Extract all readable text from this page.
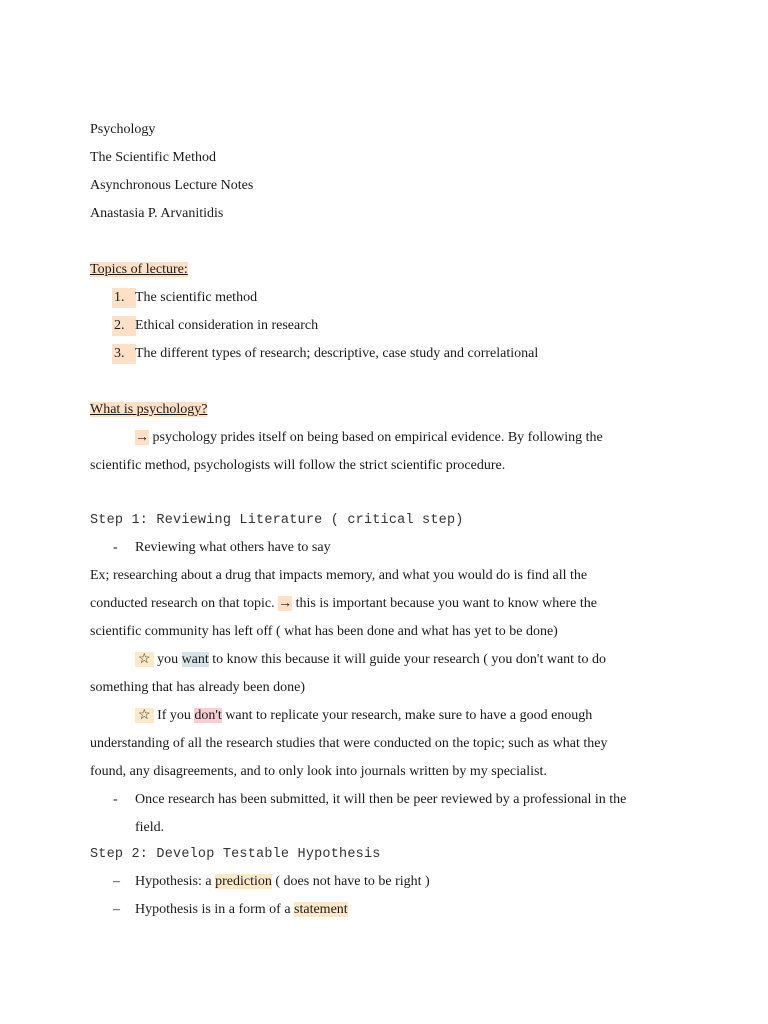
Psychology
The Scientific Method
Asynchronous Lecture Notes
Anastasia P. Arvanitidis
Topics of lecture:
1. The scientific method
2. Ethical consideration in research
3. The different types of research; descriptive, case study and correlational
What is psychology?
→ psychology prides itself on being based on empirical evidence. By following the
scientific method, psychologists will follow the strict scientific procedure.
Step 1: Reviewing Literature ( critical step)
- Reviewing what others have to say
Ex; researching about a drug that impacts memory, and what you would do is find all the
conducted research on that topic. → this is important because you want to know where the
scientific community has left off ( what has been done and what has yet to be done)
☆ you want to know this because it will guide your research ( you don't want to do
something that has already been done)
☆ If you don't want to replicate your research, make sure to have a good enough
understanding of all the research studies that were conducted on the topic; such as what they
found, any disagreements, and to only look into journals written by my specialist.
- Once research has been submitted, it will then be peer reviewed by a professional in the
field.
Step 2: Develop Testable Hypothesis
– Hypothesis: a prediction ( does not have to be right )
– Hypothesis is in a form of a statement
